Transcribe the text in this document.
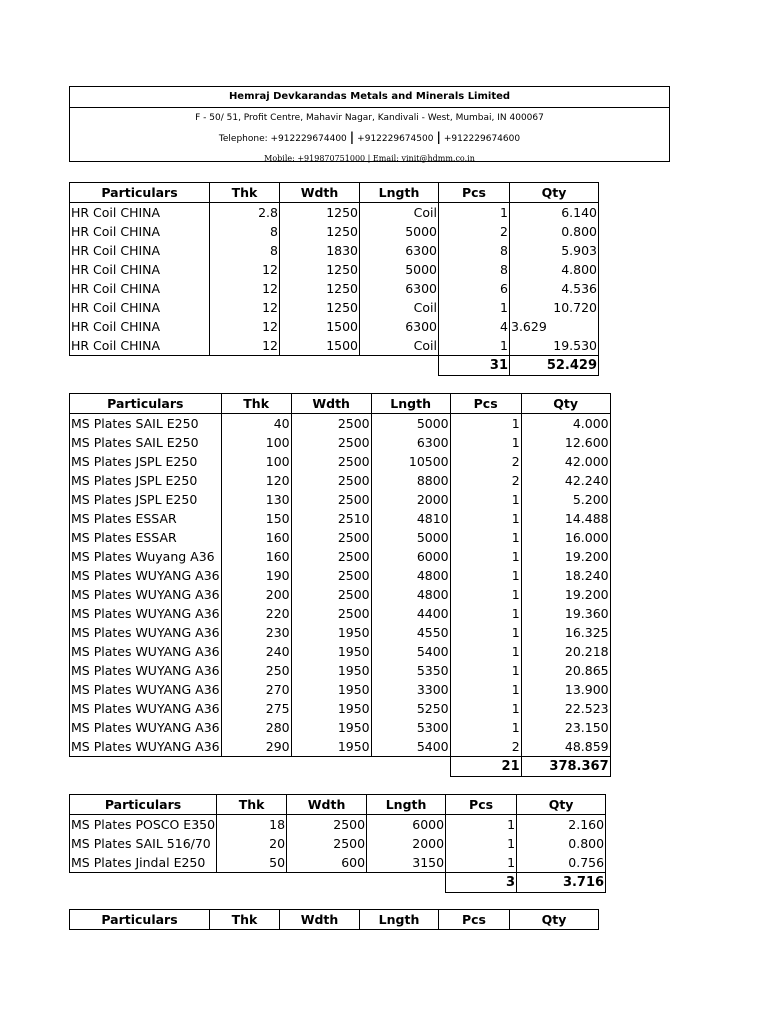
Hemraj Devkarandas Metals and Minerals Limited
F - 50/ 51, Profit Centre, Mahavir Nagar, Kandivali - West, Mumbai, IN 400067
Telephone: +912229674400 | +912229674500 | +912229674600
Mobile: +919870751000 | Email: vinit@hdmm.co.in
Particulars	Thk	Wdth	Lngth	Pcs	Qty
HR Coil CHINA	2.8	1250	Coil	1	6.140
HR Coil CHINA	8	1250	5000	2	0.800
HR Coil CHINA	8	1830	6300	8	5.903
HR Coil CHINA	12	1250	5000	8	4.800
HR Coil CHINA	12	1250	6300	6	4.536
HR Coil CHINA	12	1250	Coil	1	10.720
HR Coil CHINA	12	1500	6300	4	3.629
HR Coil CHINA	12	1500	Coil	1	19.530
				31	52.429
Particulars	Thk	Wdth	Lngth	Pcs	Qty
MS Plates SAIL E250	40	2500	5000	1	4.000
MS Plates SAIL E250	100	2500	6300	1	12.600
MS Plates JSPL E250	100	2500	10500	2	42.000
MS Plates JSPL E250	120	2500	8800	2	42.240
MS Plates JSPL E250	130	2500	2000	1	5.200
MS Plates ESSAR	150	2510	4810	1	14.488
MS Plates ESSAR	160	2500	5000	1	16.000
MS Plates Wuyang A36	160	2500	6000	1	19.200
MS Plates WUYANG A36	190	2500	4800	1	18.240
MS Plates WUYANG A36	200	2500	4800	1	19.200
MS Plates WUYANG A36	220	2500	4400	1	19.360
MS Plates WUYANG A36	230	1950	4550	1	16.325
MS Plates WUYANG A36	240	1950	5400	1	20.218
MS Plates WUYANG A36	250	1950	5350	1	20.865
MS Plates WUYANG A36	270	1950	3300	1	13.900
MS Plates WUYANG A36	275	1950	5250	1	22.523
MS Plates WUYANG A36	280	1950	5300	1	23.150
MS Plates WUYANG A36	290	1950	5400	2	48.859
				21	378.367
Particulars	Thk	Wdth	Lngth	Pcs	Qty
MS Plates POSCO E350	18	2500	6000	1	2.160
MS Plates SAIL 516/70	20	2500	2000	1	0.800
MS Plates Jindal E250	50	600	3150	1	0.756
				3	3.716
Particulars	Thk	Wdth	Lngth	Pcs	Qty
